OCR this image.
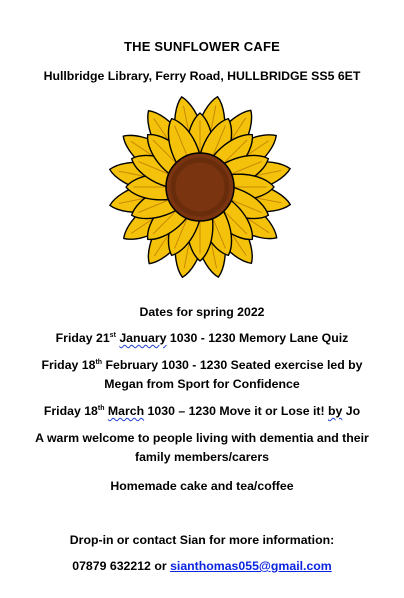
THE SUNFLOWER CAFE
Hullbridge Library, Ferry Road, HULLBRIDGE SS5 6ET
Dates for spring 2022
Friday 21st January 1030 - 1230 Memory Lane Quiz
Friday 18th February 1030 - 1230 Seated exercise led by
Megan from Sport for Confidence
Friday 18th March 1030 – 1230 Move it or Lose it! by Jo
A warm welcome to people living with dementia and their
family members/carers
Homemade cake and tea/coffee
Drop-in or contact Sian for more information:
07879 632212 or sianthomas055@gmail.com
